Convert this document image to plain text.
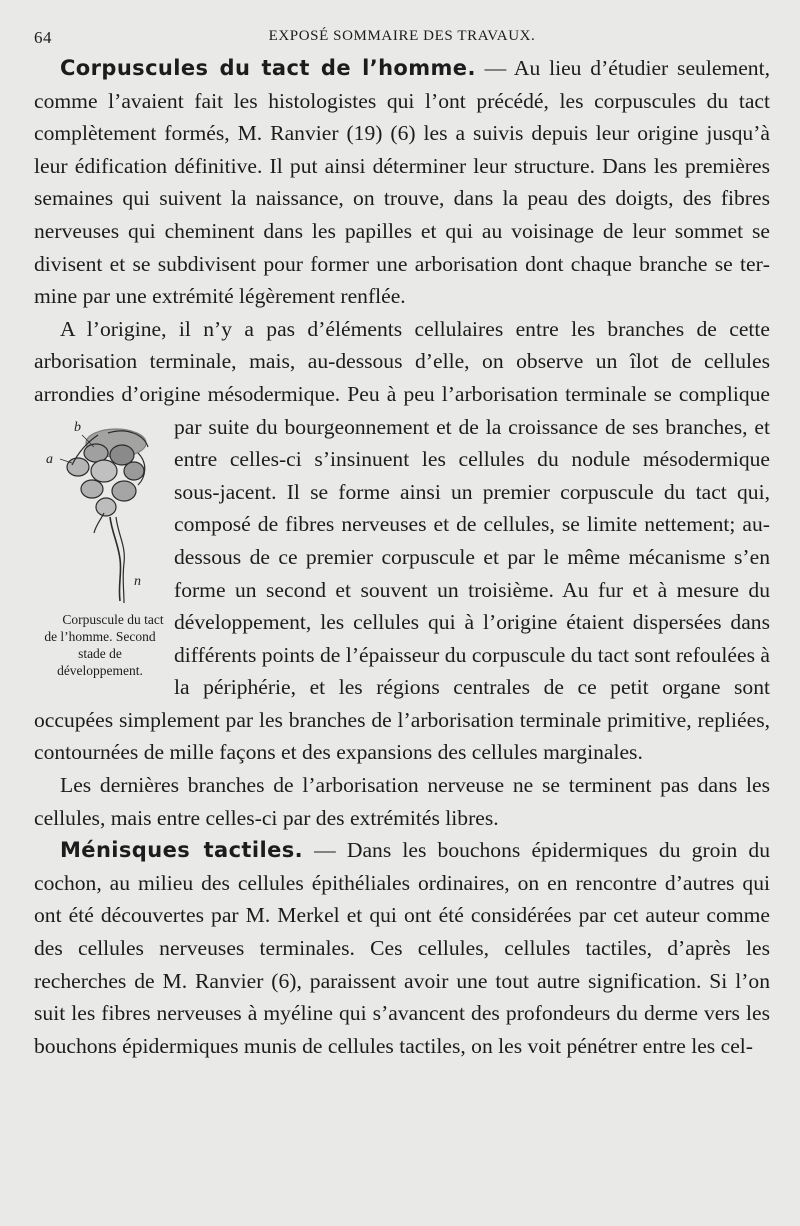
64	EXPOSÉ SOMMAIRE DES TRAVAUX.

Corpuscules du tact de l’homme. — Au lieu d’étudier seulement, comme l’avaient fait les histologistes qui l’ont précédé, les corpuscules du tact complètement formés, M. Ranvier (19) (6) les a suivis depuis leur origine jusqu’à leur édification définitive. Il put ainsi déterminer leur structure. Dans les premières semaines qui suivent la naissance, on trouve, dans la peau des doigts, des fibres nerveuses qui cheminent dans les papilles et qui au voisinage de leur sommet se divisent et se subdivisent pour former une arborisation dont chaque branche se termine par une extrémité légèrement renflée.

A l’origine, il n’y a pas d’éléments cellulaires entre les branches de cette arborisation terminale, mais, au-dessous d’elle, on observe un îlot de cellules arrondies d’origine mésodermique. Peu à peu l’arborisation terminale
b
a
n
Corpuscule du tact de l’homme. Second stade de développement.
se complique par suite du bourgeonnement et de la croissance de ses branches, et entre celles-ci s’insinuent les cellules du nodule mésodermique sous-jacent. Il se forme ainsi un premier corpuscule du tact qui, composé de fibres nerveuses et de cellules, se limite nettement; au-dessous de ce premier corpuscule et par le même mécanisme s’en forme un second et souvent un troisième. Au fur et à mesure du développement, les cellules qui à l’origine étaient dispersées dans différents points de l’épaisseur du corpuscule du tact sont refoulées à la périphérie, et les régions centrales de ce petit organe sont occupées simplement par les branches de l’arborisation terminale primitive, repliées, contournées de mille façons et des expansions des cellules marginales.

Les dernières branches de l’arborisation nerveuse ne se terminent pas dans les cellules, mais entre celles-ci par des extrémités libres.

Ménisques tactiles. — Dans les bouchons épidermiques du groin du cochon, au milieu des cellules épithéliales ordinaires, on en rencontre d’autres qui ont été découvertes par M. Merkel et qui ont été considérées par cet auteur comme des cellules nerveuses terminales. Ces cellules, cellules tactiles, d’après les recherches de M. Ranvier (6), paraissent avoir une tout autre signification. Si l’on suit les fibres nerveuses à myéline qui s’avancent des profondeurs du derme vers les bouchons épidermiques munis de cellules tactiles, on les voit pénétrer entre les cel-
